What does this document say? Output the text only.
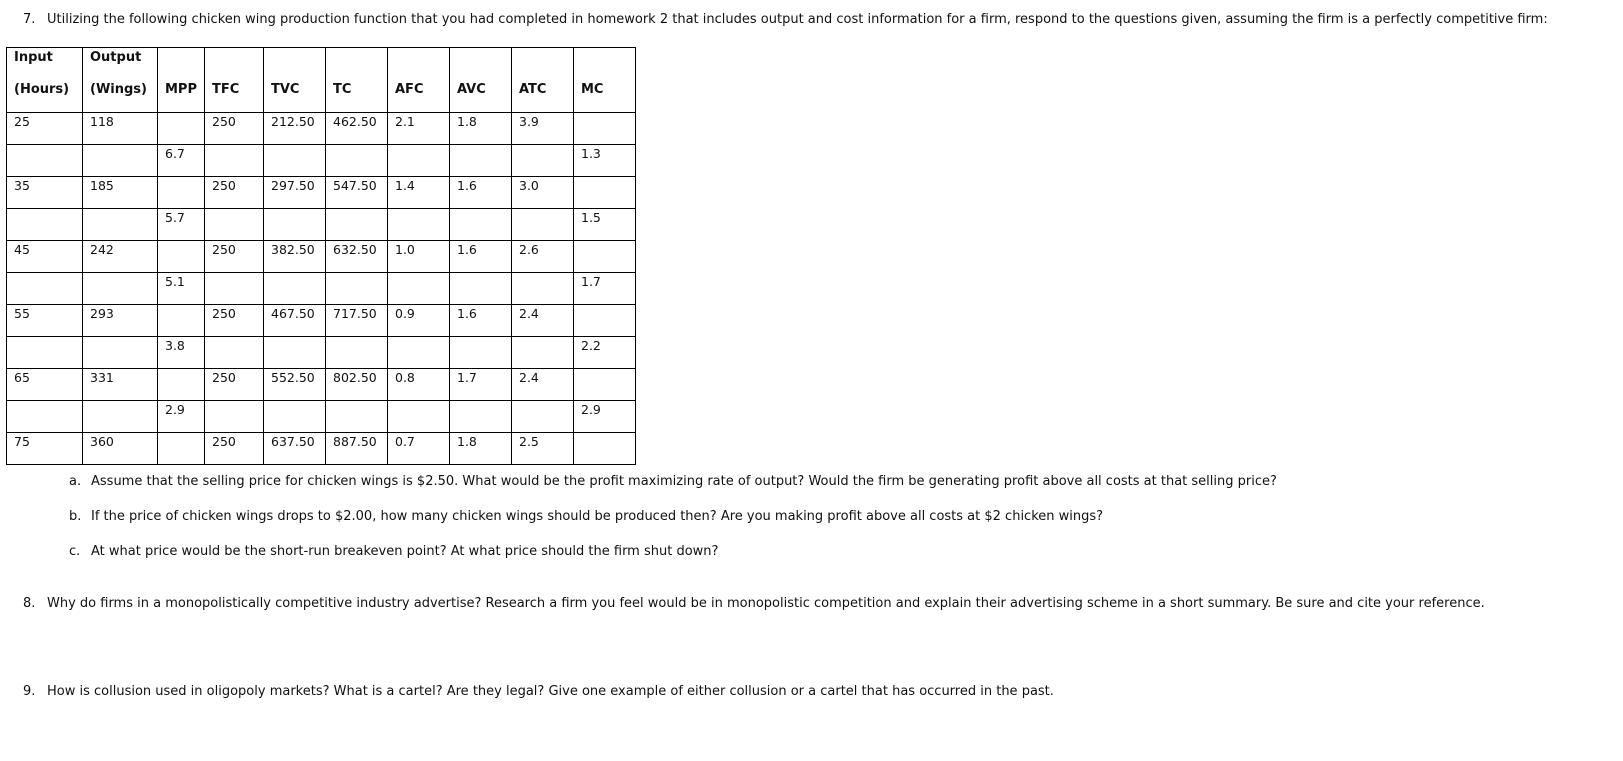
7. Utilizing the following chicken wing production function that you had completed in homework 2 that includes output and cost information for a firm, respond to the questions given, assuming the firm is a perfectly competitive firm:
Input	Output								
(Hours)	(Wings)	MPP	TFC	TVC	TC	AFC	AVC	ATC	MC
25	118		250	212.50	462.50	2.1	1.8	3.9	
		6.7							1.3
35	185		250	297.50	547.50	1.4	1.6	3.0	
		5.7							1.5
45	242		250	382.50	632.50	1.0	1.6	2.6	
		5.1							1.7
55	293		250	467.50	717.50	0.9	1.6	2.4	
		3.8							2.2
65	331		250	552.50	802.50	0.8	1.7	2.4	
		2.9							2.9
75	360		250	637.50	887.50	0.7	1.8	2.5	
a. Assume that the selling price for chicken wings is $2.50. What would be the profit maximizing rate of output? Would the firm be generating profit above all costs at that selling price?
b. If the price of chicken wings drops to $2.00, how many chicken wings should be produced then? Are you making profit above all costs at $2 chicken wings?
c. At what price would be the short-run breakeven point? At what price should the firm shut down?
8. Why do firms in a monopolistically competitive industry advertise? Research a firm you feel would be in monopolistic competition and explain their advertising scheme in a short summary. Be sure and cite your reference.
9. How is collusion used in oligopoly markets? What is a cartel? Are they legal? Give one example of either collusion or a cartel that has occurred in the past.
